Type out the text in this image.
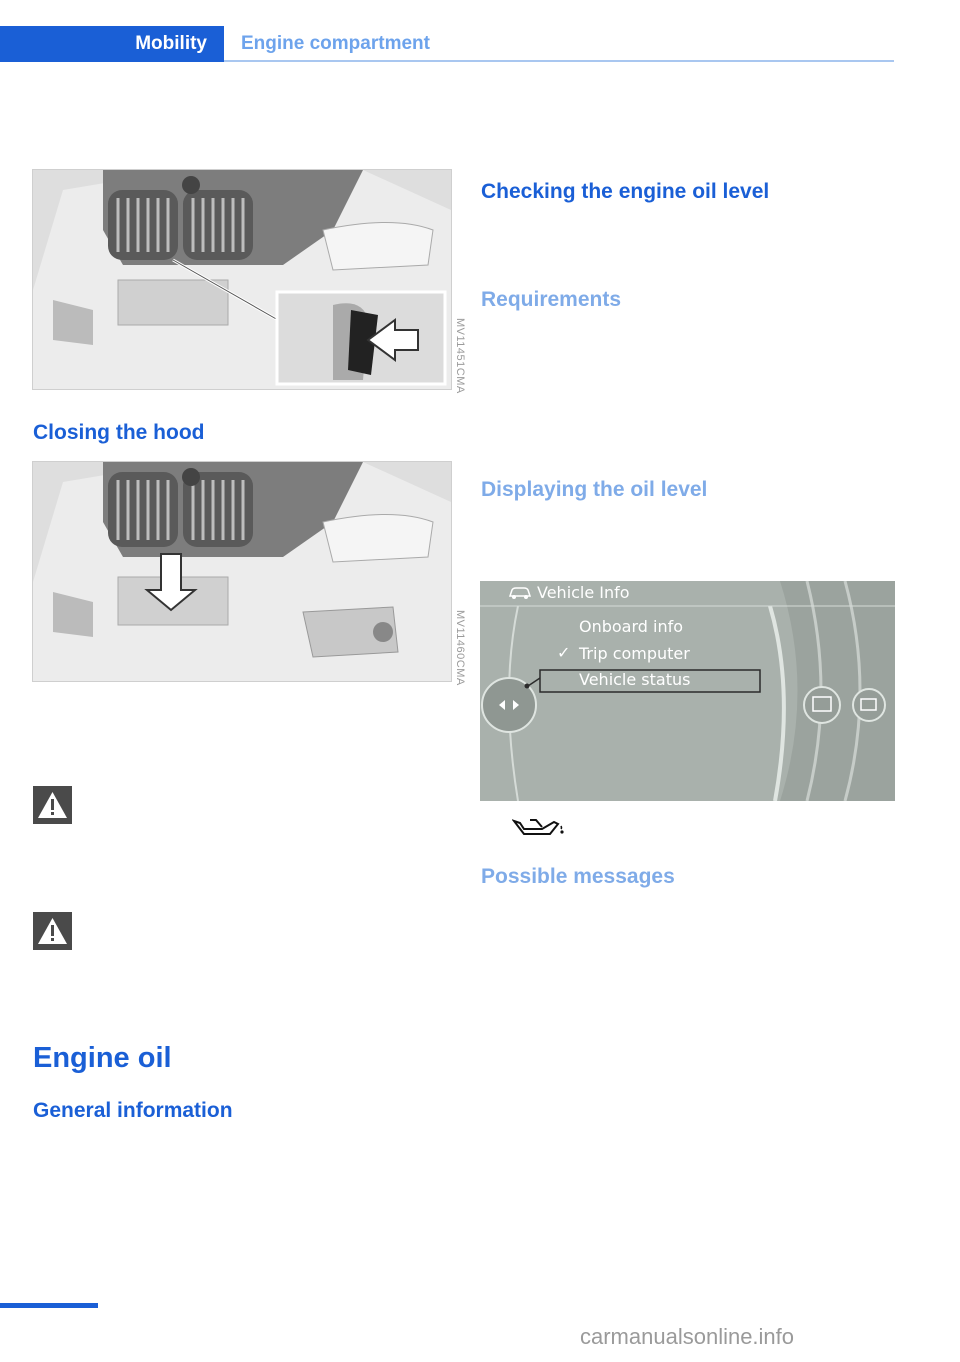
Mobility	Engine compartment
MV11451CMA
Closing the hood
MV11460CMA
Engine oil
General information
Checking the engine oil level
Requirements
Displaying the oil level
Vehicle Info
Onboard info
✓ Trip computer
Vehicle status
Possible messages
carmanualsonline.info
